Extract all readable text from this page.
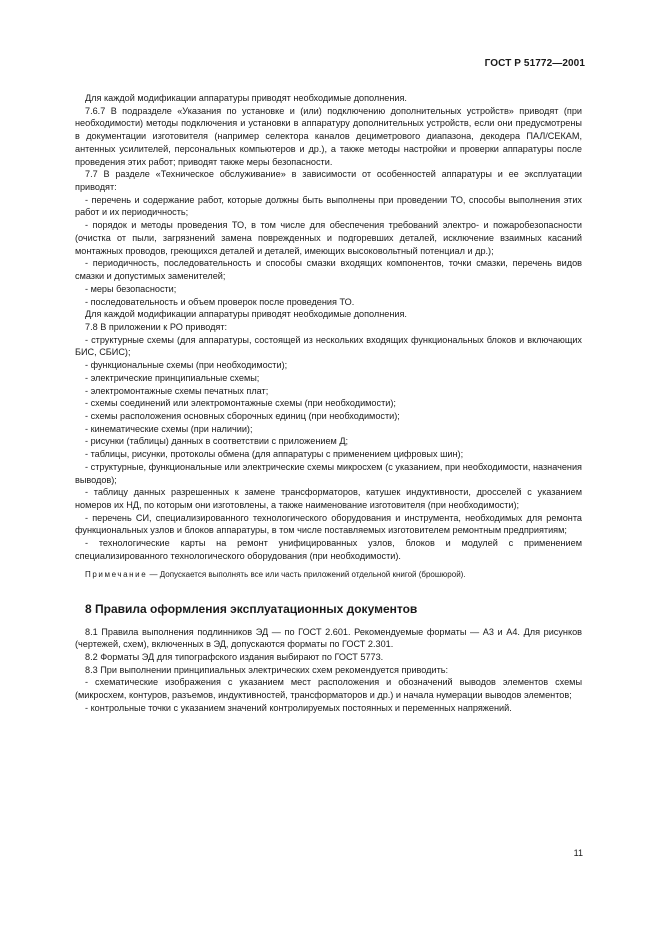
ГОСТ Р 51772—2001

Для каждой модификации аппаратуры приводят необходимые дополнения.

7.6.7 В подразделе «Указания по установке и (или) подключению дополнительных устройств» приводят (при необходимости) методы подключения и установки в аппаратуру дополнительных устройств, если они предусмотрены в документации изготовителя (например селектора каналов дециметрового диапазона, декодера ПАЛ/СЕКАМ, антенных усилителей, персональных компьютеров и др.), а также методы настройки и проверки аппаратуры после проведения этих работ; приводят также меры безопасности.

7.7 В разделе «Техническое обслуживание» в зависимости от особенностей аппаратуры и ее эксплуатации приводят:

- перечень и содержание работ, которые должны быть выполнены при проведении ТО, способы выполнения этих работ и их периодичность;

- порядок и методы проведения ТО, в том числе для обеспечения требований электро- и пожаробезопасности (очистка от пыли, загрязнений замена поврежденных и подгоревших деталей, исключение взаимных касаний монтажных проводов, греющихся деталей и деталей, имеющих высоковольтный потенциал и др.);

- периодичность, последовательность и способы смазки входящих компонентов, точки смазки, перечень видов смазки и допустимых заменителей;

- меры безопасности;

- последовательность и объем проверок после проведения ТО.

Для каждой модификации аппаратуры приводят необходимые дополнения.

7.8 В приложении к РО приводят:

- структурные схемы (для аппаратуры, состоящей из нескольких входящих функциональных блоков и включающих БИС, СБИС);

- функциональные схемы (при необходимости);

- электрические принципиальные схемы;

- электромонтажные схемы печатных плат;

- схемы соединений или электромонтажные схемы (при необходимости);

- схемы расположения основных сборочных единиц (при необходимости);

- кинематические схемы (при наличии);

- рисунки (таблицы) данных в соответствии с приложением Д;

- таблицы, рисунки, протоколы обмена (для аппаратуры с применением цифровых шин);

- структурные, функциональные или электрические схемы микросхем (с указанием, при необходимости, назначения выводов);

- таблицу данных разрешенных к замене трансформаторов, катушек индуктивности, дросселей с указанием номеров их НД, по которым они изготовлены, а также наименование изготовителя (при необходимости);

- перечень СИ, специализированного технологического оборудования и инструмента, необходимых для ремонта функциональных узлов и блоков аппаратуры, в том числе поставляемых изготовителем ремонтным предприятиям;

- технологические карты на ремонт унифицированных узлов, блоков и модулей с применением специализированного технологического оборудования (при необходимости).

Примечание — Допускается выполнять все или часть приложений отдельной книгой (брошюрой).

8 Правила оформления эксплуатационных документов

8.1 Правила выполнения подлинников ЭД — по ГОСТ 2.601. Рекомендуемые форматы — А3 и А4. Для рисунков (чертежей, схем), включенных в ЭД, допускаются форматы по ГОСТ 2.301.

8.2 Форматы ЭД для типографского издания выбирают по ГОСТ 5773.

8.3 При выполнении принципиальных электрических схем рекомендуется приводить:

- схематические изображения с указанием мест расположения и обозначений выводов элементов схемы (микросхем, контуров, разъемов, индуктивностей, трансформаторов и др.) и начала нумерации выводов элементов;

- контрольные точки с указанием значений контролируемых постоянных и переменных напряжений.

11
